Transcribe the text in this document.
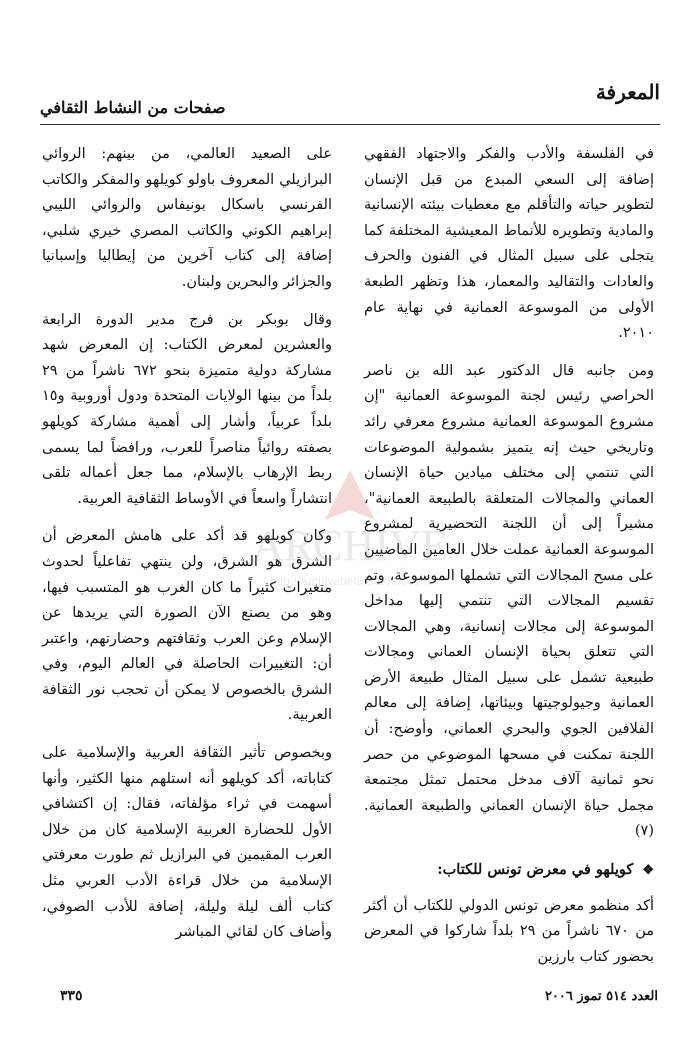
المعرفة
صفحات من النشاط الثقافي

في الفلسفة والأدب والفكر والاجتهاد الفقهي إضافة إلى السعي المبدع من قبل الإنسان لتطوير حياته والتأقلم مع معطيات بيئته الإنسانية والمادية وتطويره للأنماط المعيشية المختلفة كما يتجلى على سبيل المثال في الفنون والحرف والعادات والتقاليد والمعمار، هذا وتظهر الطبعة الأولى من الموسوعة العمانية في نهاية عام ٢٠١٠.

ومن جانبه قال الدكتور عبد الله بن ناصر الحراصي رئيس لجنة الموسوعة العمانية "إن مشروع الموسوعة العمانية مشروع معرفي رائد وتاريخي حيث إنه يتميز بشمولية الموضوعات التي تنتمي إلى مختلف ميادين حياة الإنسان العماني والمجالات المتعلقة بالطبيعة العمانية"، مشيراً إلى أن اللجنة التحضيرية لمشروع الموسوعة العمانية عملت خلال العامين الماضيين على مسح المجالات التي تشملها الموسوعة، وتم تقسيم المجالات التي تنتمي إليها مداخل الموسوعة إلى مجالات إنسانية، وهي المجالات التي تتعلق بحياة الإنسان العماني ومجالات طبيعية تشمل على سبيل المثال طبيعة الأرض العمانية وجيولوجيتها وبيئاتها، إضافة إلى معالم الفلافين الجوي والبحري العماني، وأوضح: أن اللجنة تمكنت في مسحها الموضوعي من حصر نحو ثمانية آلاف مدخل محتمل تمثل مجتمعة مجمل حياة الإنسان العماني والطبيعة العمانية. (٧)

❖ كويلهو في معرض تونس للكتاب:

أكد منظمو معرض تونس الدولي للكتاب أن أكثر من ٦٧٠ ناشراً من ٢٩ بلداً شاركوا في المعرض بحضور كتاب بارزين

على الصعيد العالمي، من بينهم: الروائي البرازيلي المعروف باولو كويلهو والمفكر والكاتب الفرنسي باسكال بونيفاس والروائي الليبي إبراهيم الكوني والكاتب المصري خيري شلبي، إضافة إلى كتاب آخرين من إيطاليا وإسبانيا والجزائر والبحرين ولبنان.

وقال بوبكر بن فرج مدير الدورة الرابعة والعشرين لمعرض الكتاب: إن المعرض شهد مشاركة دولية متميزة بنحو ٦٧٢ ناشراً من ٢٩ بلداً من بينها الولايات المتحدة ودول أوروبية و١٥ بلداً عربياً، وأشار إلى أهمية مشاركة كويلهو بصفته روائياً مناصراً للعرب، ورافضاً لما يسمى ربط الإرهاب بالإسلام، مما جعل أعماله تلقى انتشاراً واسعاً في الأوساط الثقافية العربية.

وكان كويلهو قد أكد على هامش المعرض أن الشرق هو الشرق، ولن ينتهي تفاعلياً لحدوث متغيرات كثيراً ما كان الغرب هو المتسبب فيها، وهو من يصنع الآن الصورة التي يريدها عن الإسلام وعن العرب وثقافتهم وحضارتهم، واعتبر أن: التغييرات الحاصلة في العالم اليوم، وفي الشرق بالخصوص لا يمكن أن تحجب نور الثقافة العربية.

وبخصوص تأثير الثقافة العربية والإسلامية على كتاباته، أكد كويلهو أنه استلهم منها الكثير، وأنها أسهمت في ثراء مؤلفاته، فقال: إن اكتشافي الأول للحضارة العربية الإسلامية كان من خلال العرب المقيمين في البرازيل ثم طورت معرفتي الإسلامية من خلال قراءة الأدب العربي مثل كتاب ألف ليلة وليلة، إضافة للأدب الصوفي، وأضاف كان لقائي المباشر

ARCHIVE
http://Archivebeta.Sakhrit.com
العدد ٥١٤ تموز ٢٠٠٦
٣٣٥
